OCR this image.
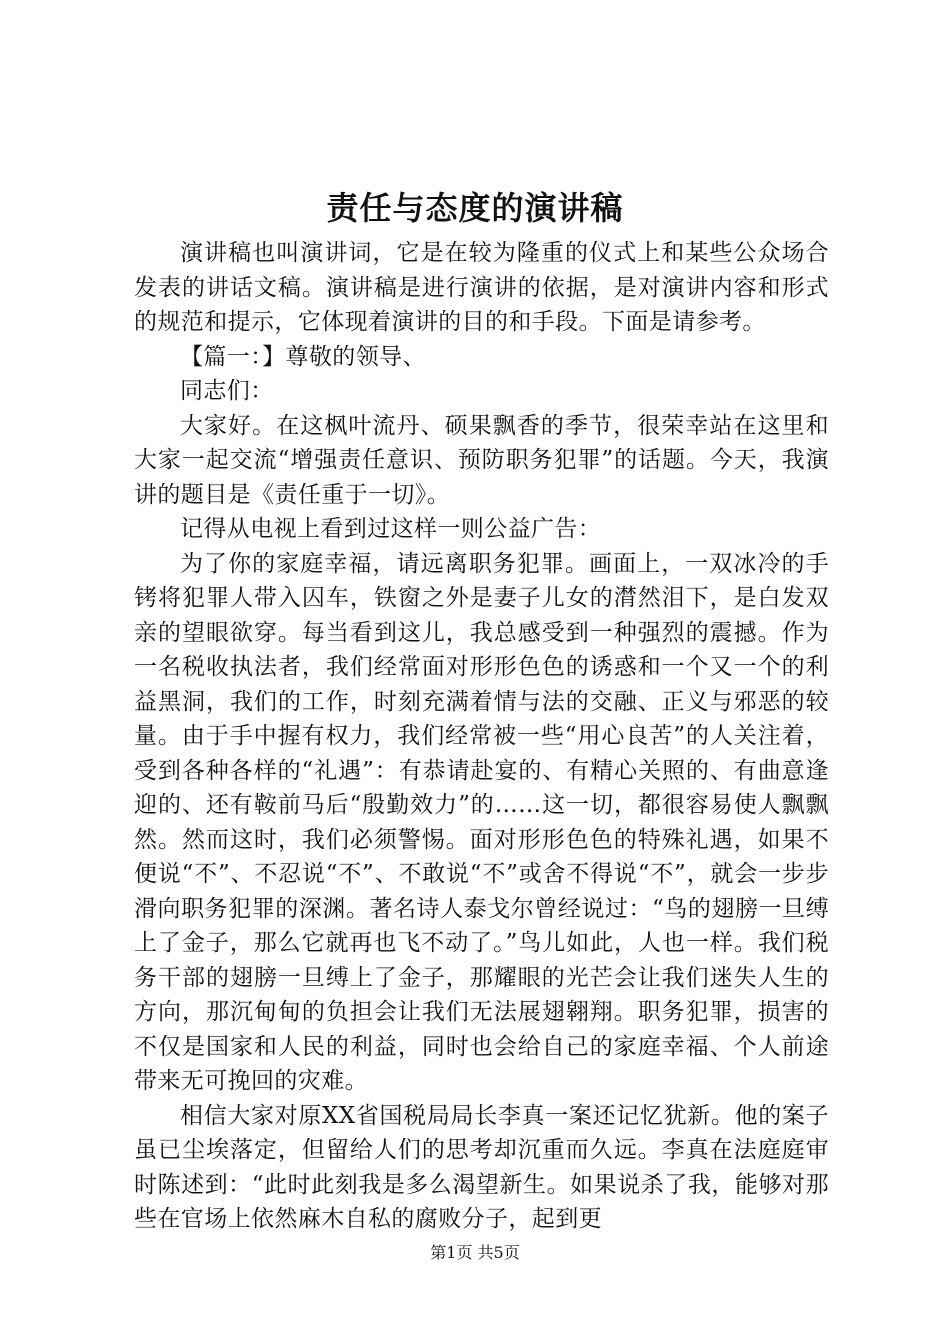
责任与态度的演讲稿

演讲稿也叫演讲词，它是在较为隆重的仪式上和某些公众场合发表的讲话文稿。演讲稿是进行演讲的依据，是对演讲内容和形式的规范和提示，它体现着演讲的目的和手段。下面是请参考。

【篇一：】尊敬的领导、

同志们：

大家好。在这枫叶流丹、硕果飘香的季节，很荣幸站在这里和大家一起交流“增强责任意识、预防职务犯罪”的话题。今天，我演讲的题目是《责任重于一切》。

记得从电视上看到过这样一则公益广告：

为了你的家庭幸福，请远离职务犯罪。画面上，一双冰冷的手铐将犯罪人带入囚车，铁窗之外是妻子儿女的潸然泪下，是白发双亲的望眼欲穿。每当看到这儿，我总感受到一种强烈的震撼。作为一名税收执法者，我们经常面对形形色色的诱惑和一个又一个的利益黑洞，我们的工作，时刻充满着情与法的交融、正义与邪恶的较量。由于手中握有权力，我们经常被一些“用心良苦”的人关注着，受到各种各样的“礼遇”：有恭请赴宴的、有精心关照的、有曲意逢迎的、还有鞍前马后“殷勤效力”的……这一切，都很容易使人飘飘然。然而这时，我们必须警惕。面对形形色色的特殊礼遇，如果不便说“不”、不忍说“不”、不敢说“不”或舍不得说“不”，就会一步步滑向职务犯罪的深渊。著名诗人泰戈尔曾经说过：“鸟的翅膀一旦缚上了金子，那么它就再也飞不动了。”鸟儿如此，人也一样。我们税务干部的翅膀一旦缚上了金子，那耀眼的光芒会让我们迷失人生的方向，那沉甸甸的负担会让我们无法展翅翱翔。职务犯罪，损害的不仅是国家和人民的利益，同时也会给自己的家庭幸福、个人前途带来无可挽回的灾难。

相信大家对原XX省国税局局长李真一案还记忆犹新。他的案子虽已尘埃落定，但留给人们的思考却沉重而久远。李真在法庭庭审时陈述到：“此时此刻我是多么渴望新生。如果说杀了我，能够对那些在官场上依然麻木自私的腐败分子，起到更

第1页 共5页
